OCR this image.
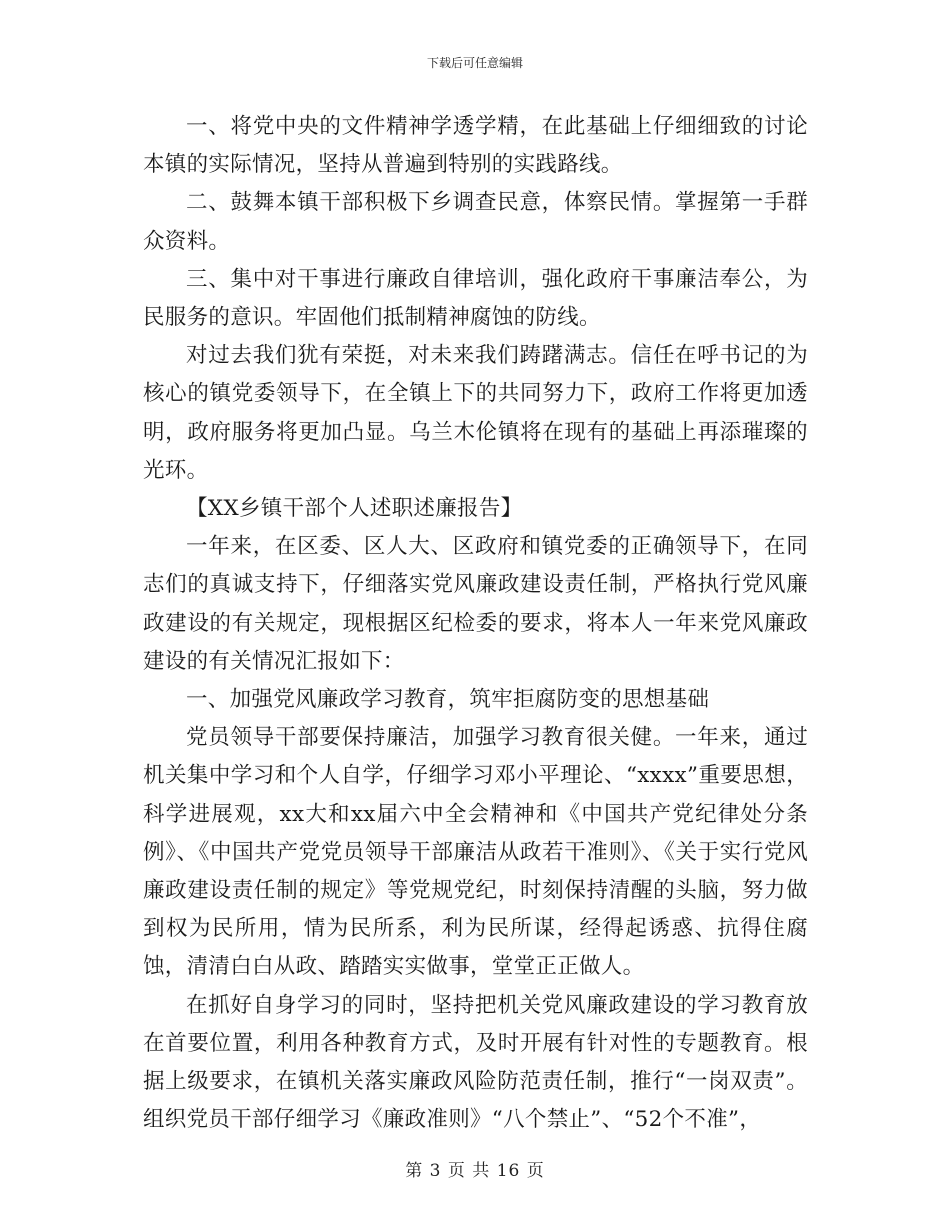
下载后可任意编辑

一、将党中央的文件精神学透学精，在此基础上仔细细致的讨论本镇的实际情况，坚持从普遍到特别的实践路线。

二、鼓舞本镇干部积极下乡调查民意，体察民情。掌握第一手群众资料。

三、集中对干事进行廉政自律培训，强化政府干事廉洁奉公，为民服务的意识。牢固他们抵制精神腐蚀的防线。

对过去我们犹有荣挺，对未来我们踌躇满志。信任在呼书记的为核心的镇党委领导下，在全镇上下的共同努力下，政府工作将更加透明，政府服务将更加凸显。乌兰木伦镇将在现有的基础上再添璀璨的光环。

【XX乡镇干部个人述职述廉报告】

一年来，在区委、区人大、区政府和镇党委的正确领导下，在同志们的真诚支持下，仔细落实党风廉政建设责任制，严格执行党风廉政建设的有关规定，现根据区纪检委的要求，将本人一年来党风廉政建设的有关情况汇报如下：

一、加强党风廉政学习教育，筑牢拒腐防变的思想基础

党员领导干部要保持廉洁，加强学习教育很关健。一年来，通过机关集中学习和个人自学，仔细学习邓小平理论、“xxxx”重要思想，科学进展观，xx大和xx届六中全会精神和《中国共产党纪律处分条例》、《中国共产党党员领导干部廉洁从政若干准则》、《关于实行党风廉政建设责任制的规定》等党规党纪，时刻保持清醒的头脑，努力做到权为民所用，情为民所系，利为民所谋，经得起诱惑、抗得住腐蚀，清清白白从政、踏踏实实做事，堂堂正正做人。

在抓好自身学习的同时，坚持把机关党风廉政建设的学习教育放在首要位置，利用各种教育方式，及时开展有针对性的专题教育。根据上级要求，在镇机关落实廉政风险防范责任制，推行“一岗双责”。组织党员干部仔细学习《廉政准则》“八个禁止”、“52个不准”，

第 3 页 共 16 页
